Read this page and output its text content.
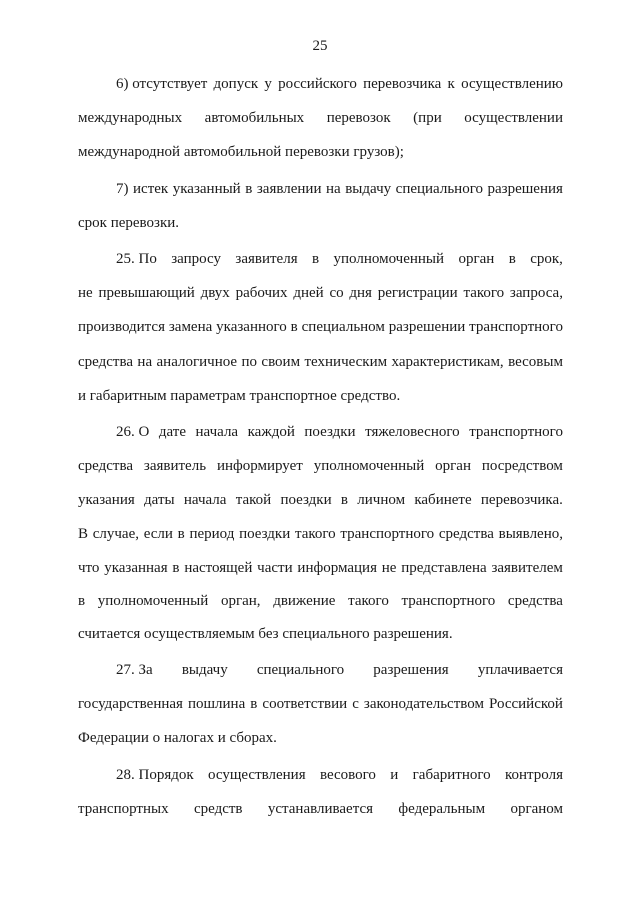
25
6) отсутствует допуск у российского перевозчика к осуществлению
международных автомобильных перевозок (при осуществлении
международной автомобильной перевозки грузов);
7) истек указанный в заявлении на выдачу специального разрешения
срок перевозки.
25. По запросу заявителя в уполномоченный орган в срок,
не превышающий двух рабочих дней со дня регистрации такого запроса,
производится замена указанного в специальном разрешении транспортного
средства на аналогичное по своим техническим характеристикам, весовым
и габаритным параметрам транспортное средство.
26. О дате начала каждой поездки тяжеловесного транспортного
средства заявитель информирует уполномоченный орган посредством
указания даты начала такой поездки в личном кабинете перевозчика.
В случае, если в период поездки такого транспортного средства выявлено,
что указанная в настоящей части информация не представлена заявителем
в уполномоченный орган, движение такого транспортного средства
считается осуществляемым без специального разрешения.
27. За выдачу специального разрешения уплачивается
государственная пошлина в соответствии с законодательством Российской
Федерации о налогах и сборах.
28. Порядок осуществления весового и габаритного контроля
транспортных средств устанавливается федеральным органом
